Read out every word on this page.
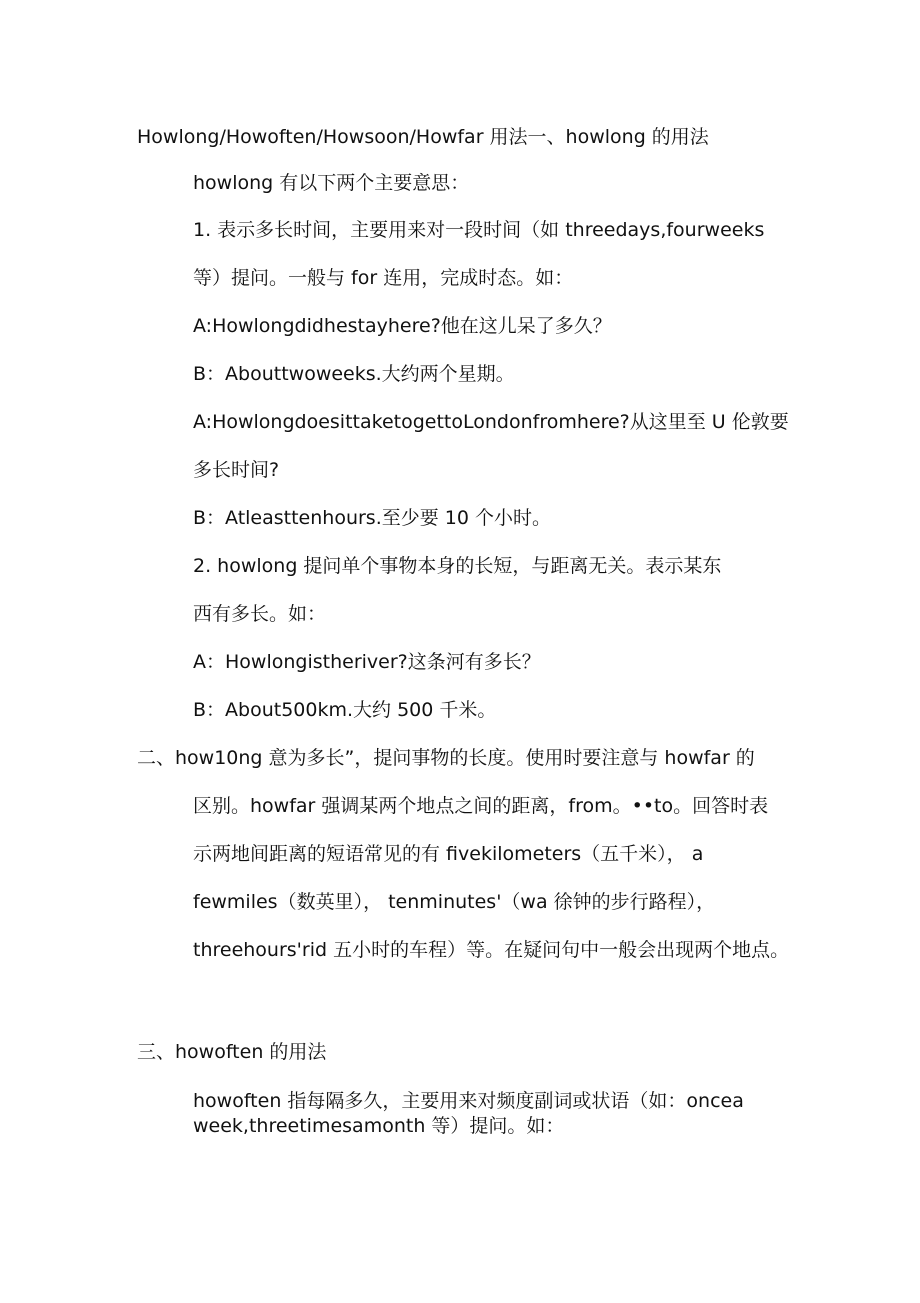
Howlong/Howoften/Howsoon/Howfar 用法一、howlong 的用法

howlong 有以下两个主要意思：

1. 表示多长时间，主要用来对一段时间（如 threedays,fourweeks

等）提问。一般与 for 连用，完成时态。如：

A:Howlongdidhestayhere?他在这儿呆了多久？

B：Abouttwoweeks.大约两个星期。

A:HowlongdoesittaketogettoLondonfromhere?从这里至 U 伦敦要

多长时间?

B：Atleasttenhours.至少要 10 个小时。

2. howlong 提问单个事物本身的长短，与距离无关。表示某东

西有多长。如：

A：Howlongistheriver?这条河有多长？

B：About500km.大约 500 千米。

二、how10ng 意为多长”，提问事物的长度。使用时要注意与 howfar 的

区别。howfar 强调某两个地点之间的距离，from。••to。回答时表

示两地间距离的短语常见的有 fivekilometers（五千米）， a

fewmiles（数英里）， tenminutes'（wa 徐钟的步行路程），

threehours'rid 五小时的车程）等。在疑问句中一般会出现两个地点。

三、howoften 的用法

howoften 指每隔多久，主要用来对频度副词或状语（如：oncea

week,threetimesamonth 等）提问。如：
